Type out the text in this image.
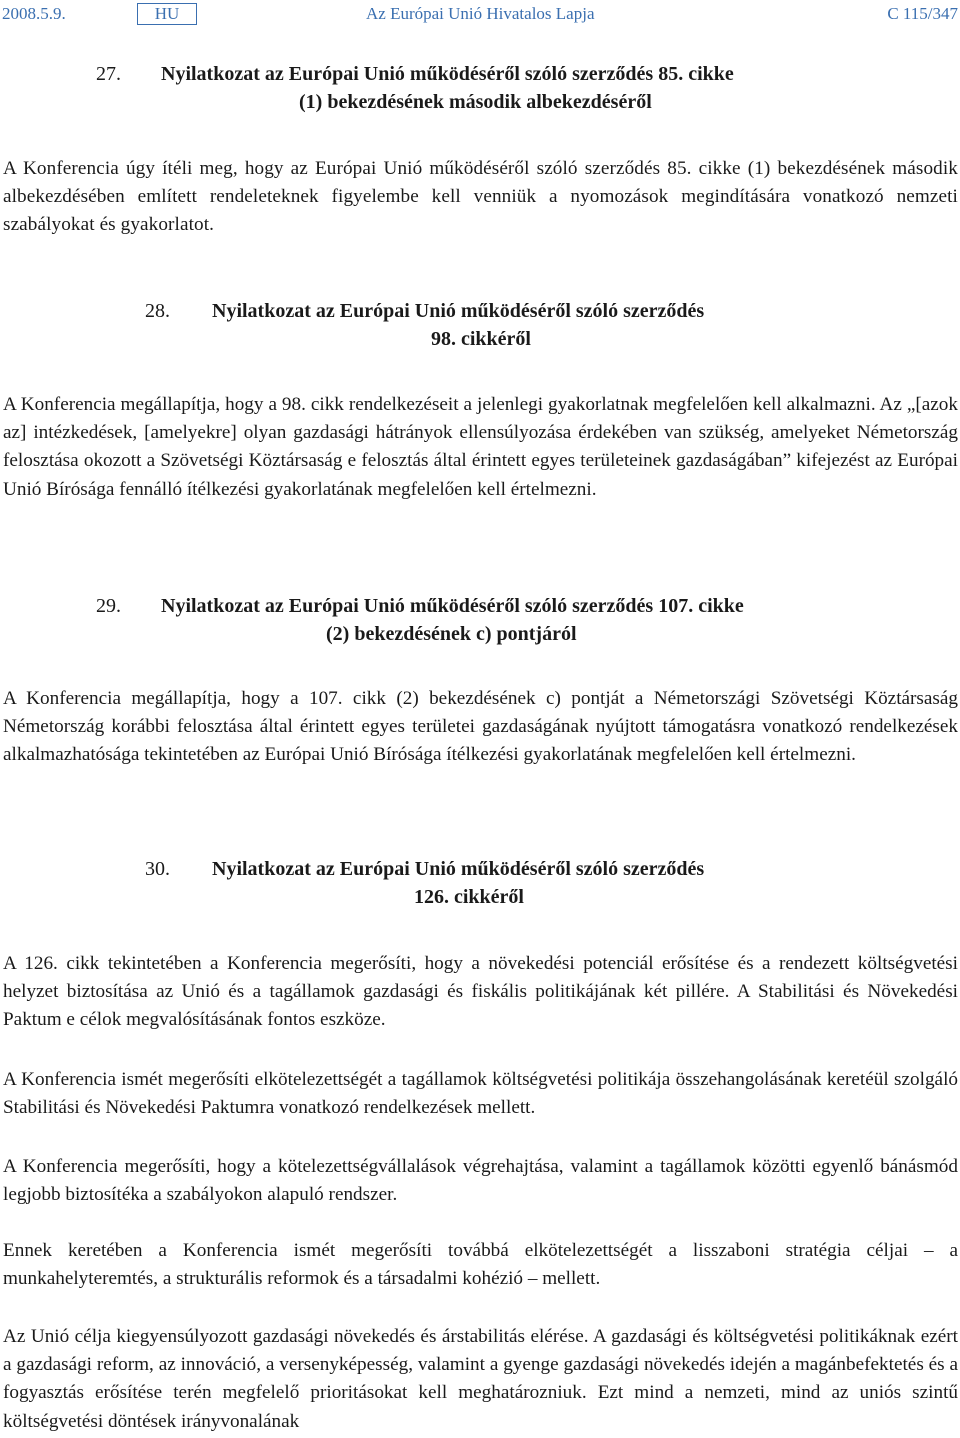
2008.5.9.	HU	Az Európai Unió Hivatalos Lapja	C 115/347
27. Nyilatkozat az Európai Unió működéséről szóló szerződés 85. cikke
(1) bekezdésének második albekezdéséről

A Konferencia úgy ítéli meg, hogy az Európai Unió működéséről szóló szerződés 85. cikke (1) bekezdésének második albekezdésében említett rendeleteknek figyelembe kell venniük a nyomozások megindítására vonatkozó nemzeti szabályokat és gyakorlatot.

28. Nyilatkozat az Európai Unió működéséről szóló szerződés
98. cikkéről

A Konferencia megállapítja, hogy a 98. cikk rendelkezéseit a jelenlegi gyakorlatnak megfelelően kell alkalmazni. Az „[azok az] intézkedések, [amelyekre] olyan gazdasági hátrányok ellensúlyozása érdekében van szükség, amelyeket Németország felosztása okozott a Szövetségi Köztársaság e felosztás által érintett egyes területeinek gazdaságában” kifejezést az Európai Unió Bírósága fennálló ítélkezési gyakorlatának megfelelően kell értelmezni.

29. Nyilatkozat az Európai Unió működéséről szóló szerződés 107. cikke
(2) bekezdésének c) pontjáról

A Konferencia megállapítja, hogy a 107. cikk (2) bekezdésének c) pontját a Németországi Szövetségi Köztársaság Németország korábbi felosztása által érintett egyes területei gazdaságának nyújtott támogatásra vonatkozó rendelkezések alkalmazhatósága tekintetében az Európai Unió Bírósága ítélkezési gyakorlatának megfelelően kell értelmezni.

30. Nyilatkozat az Európai Unió működéséről szóló szerződés
126. cikkéről

A 126. cikk tekintetében a Konferencia megerősíti, hogy a növekedési potenciál erősítése és a rendezett költségvetési helyzet biztosítása az Unió és a tagállamok gazdasági és fiskális politikájának két pillére. A Stabilitási és Növekedési Paktum e célok megvalósításának fontos eszköze.

A Konferencia ismét megerősíti elkötelezettségét a tagállamok költségvetési politikája összehangolásának keretéül szolgáló Stabilitási és Növekedési Paktumra vonatkozó rendelkezések mellett.

A Konferencia megerősíti, hogy a kötelezettségvállalások végrehajtása, valamint a tagállamok közötti egyenlő bánásmód legjobb biztosítéka a szabályokon alapuló rendszer.

Ennek keretében a Konferencia ismét megerősíti továbbá elkötelezettségét a lisszaboni stratégia céljai – a munkahelyteremtés, a strukturális reformok és a társadalmi kohézió – mellett.

Az Unió célja kiegyensúlyozott gazdasági növekedés és árstabilitás elérése. A gazdasági és költségvetési politikáknak ezért a gazdasági reform, az innováció, a versenyképesség, valamint a gyenge gazdasági növekedés idején a magánbefektetés és a fogyasztás erősítése terén megfelelő prioritásokat kell meghatározniuk. Ezt mind a nemzeti, mind az uniós szintű költségvetési döntések irányvonalának
